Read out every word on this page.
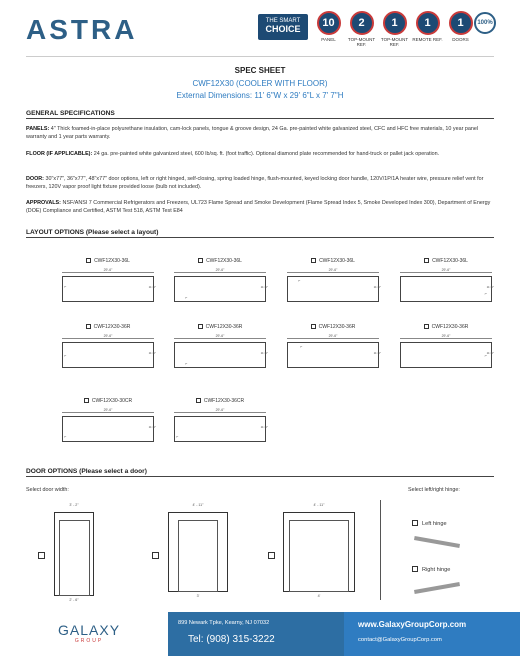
ASTRA	THE SMART
CHOICE	10
PANEL
2
TOP-MOUNT REF.
1
TOP-MOUNT REF.
1
REMOTE REF.
1
DOORS
100%
SPEC SHEET
CWF12X30 (COOLER WITH FLOOR)
External Dimensions: 11' 6"W x 29' 6"L x 7' 7"H
GENERAL SPECIFICATIONS
PANELS: 4" Thick foamed-in-place polyurethane insulation, cam-lock panels, tongue & groove design, 24 Ga. pre-painted white galvanized steel, CFC and HFC free materials, 10 year panel warranty and 1 year parts warranty.
FLOOR (IF APPLICABLE): 24 ga. pre-painted white galvanized steel, 600 lb/sq. ft. (foot traffic). Optional diamond plate recommended for hand-truck or pallet jack operation.
DOOR: 30"x77", 36"x77", 48"x77" door options, left or right hinged, self-closing, spring loaded hinge, flush-mounted, keyed locking door handle, 120V/1P/1A heater wire, pressure relief vent for freezers, 120V vapor proof light fixture provided loose (bulb not included).
APPROVALS: NSF/ANSI 7 Commercial Refrigerators and Freezers, UL723 Flame Spread and Smoke Development (Flame Spread Index 5, Smoke Developed Index 300), Department of Energy (DOE) Compliance and Certified, ASTM Test 518, ASTM Test E84
LAYOUT OPTIONS (Please select a layout)
CWF12X30-36L
29'-6"
⌐	11'-6"
CWF12X30-36L
29'-6"
⌐
11'-6"
CWF12X30-36L
29'-6"
⌐
11'-6"
CWF12X30-36L
29'-6"
⌐
11'-6"
CWF12X30-36R
29'-6"
⌐	11'-6"
CWF12X30-36R
29'-6"
⌐
11'-6"
CWF12X30-36R
29'-6"
⌐
11'-6"
CWF12X30-36R
29'-6"
⌐ 11'-6"
CWF12X30-30CR
29'-6"
⌐
11'-6"
CWF12X30-36CR
29'-6"
⌐
11'-6"
DOOR OPTIONS (Please select a door)
Select door width:	Select left/right hinge:
3' - 2"
2' - 6"
4' - 11"
3'
4' - 11"
4'
Left hinge
Right hinge
GALAXY
GROUP
899 Newark Tpke, Kearny, NJ 07032
Tel: (908) 315-3222
www.GalaxyGroupCorp.com
contact@GalaxyGroupCorp.com
